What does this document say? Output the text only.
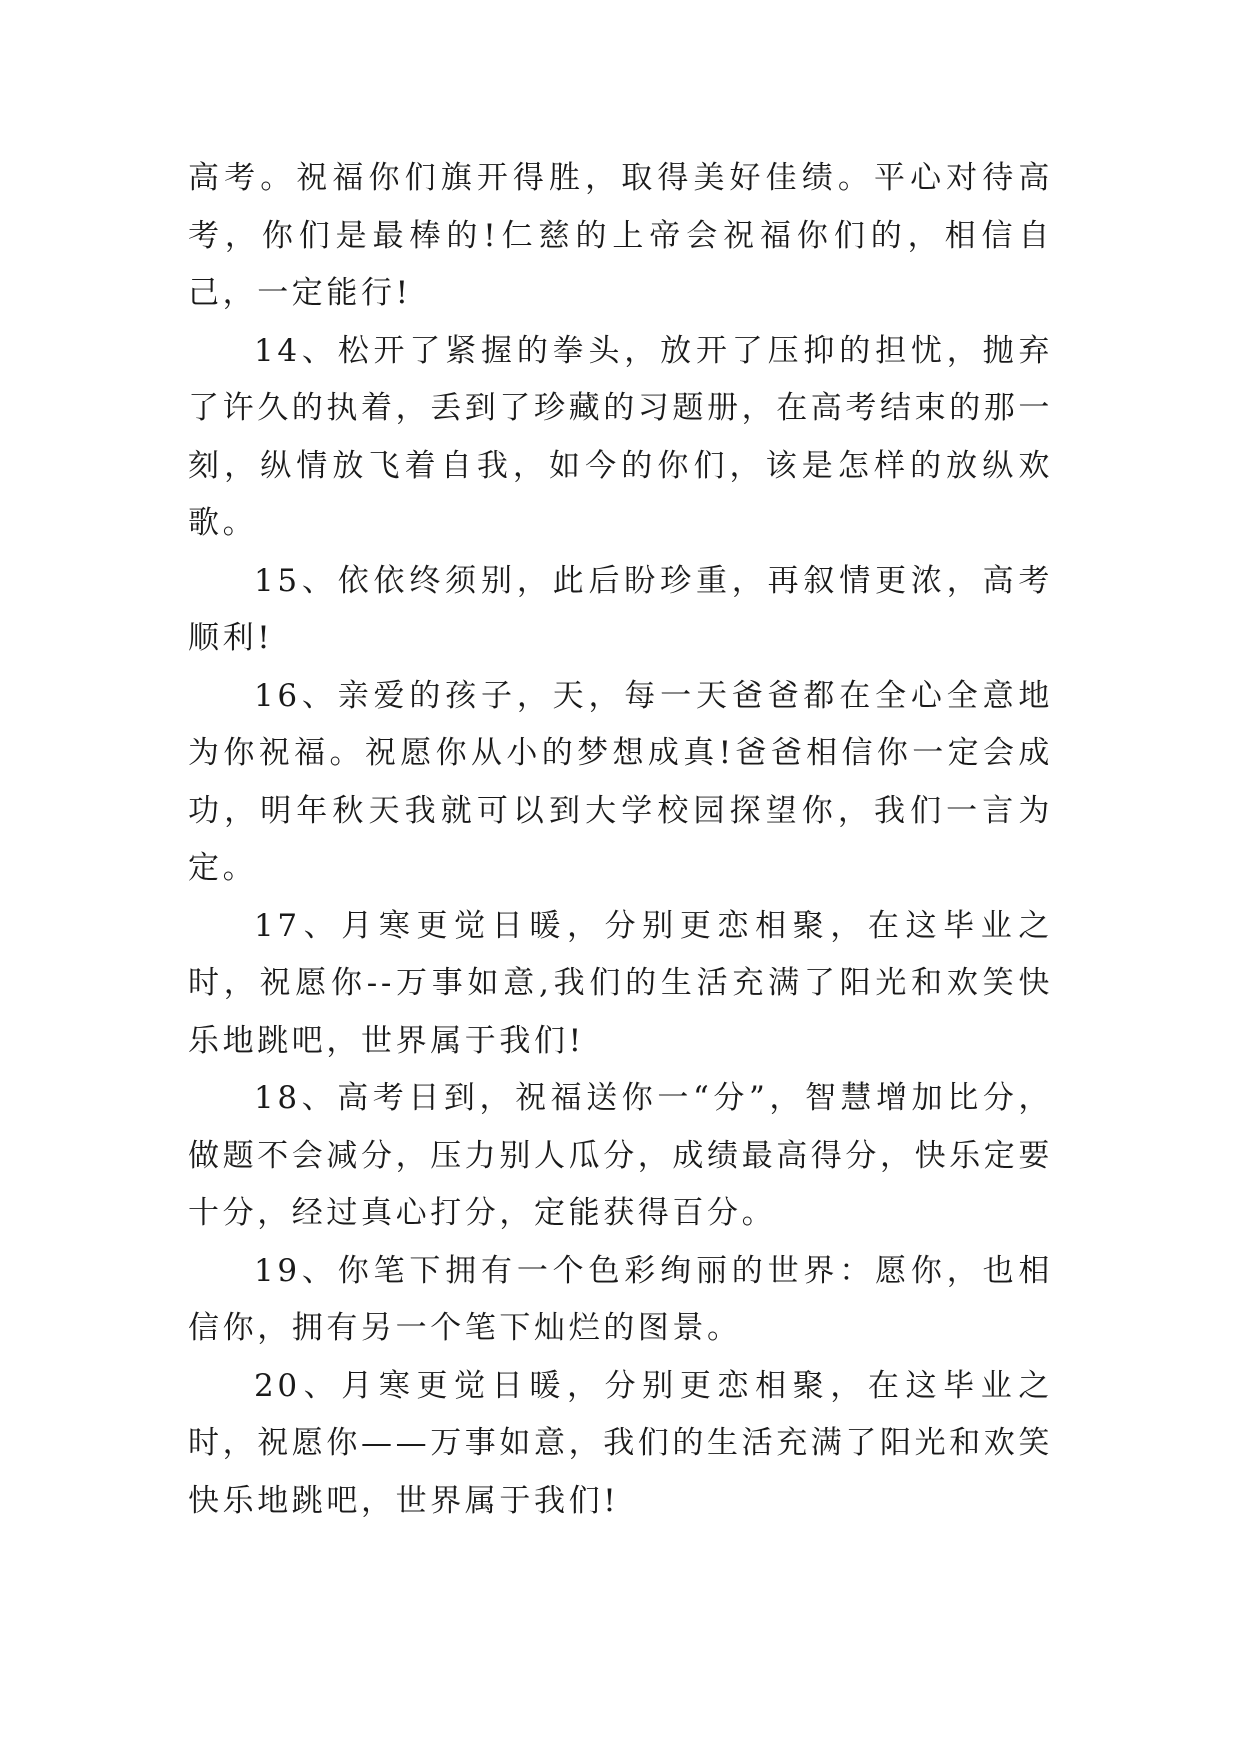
高考。祝福你们旗开得胜，取得美好佳绩。平心对待高考，你们是最棒的!仁慈的上帝会祝福你们的，相信自己，一定能行!

14、松开了紧握的拳头，放开了压抑的担忧，抛弃了许久的执着，丢到了珍藏的习题册，在高考结束的那一刻，纵情放飞着自我，如今的你们，该是怎样的放纵欢歌。

15、依依终须别，此后盼珍重，再叙情更浓，高考顺利!

16、亲爱的孩子，天，每一天爸爸都在全心全意地为你祝福。祝愿你从小的梦想成真!爸爸相信你一定会成功，明年秋天我就可以到大学校园探望你，我们一言为定。

17、月寒更觉日暖，分别更恋相聚，在这毕业之时，祝愿你--万事如意,我们的生活充满了阳光和欢笑快乐地跳吧，世界属于我们!

18、高考日到，祝福送你一“分”，智慧增加比分，做题不会减分，压力别人瓜分，成绩最高得分，快乐定要十分，经过真心打分，定能获得百分。

19、你笔下拥有一个色彩绚丽的世界：愿你，也相信你，拥有另一个笔下灿烂的图景。

20、月寒更觉日暖，分别更恋相聚，在这毕业之时，祝愿你——万事如意，我们的生活充满了阳光和欢笑快乐地跳吧，世界属于我们!
